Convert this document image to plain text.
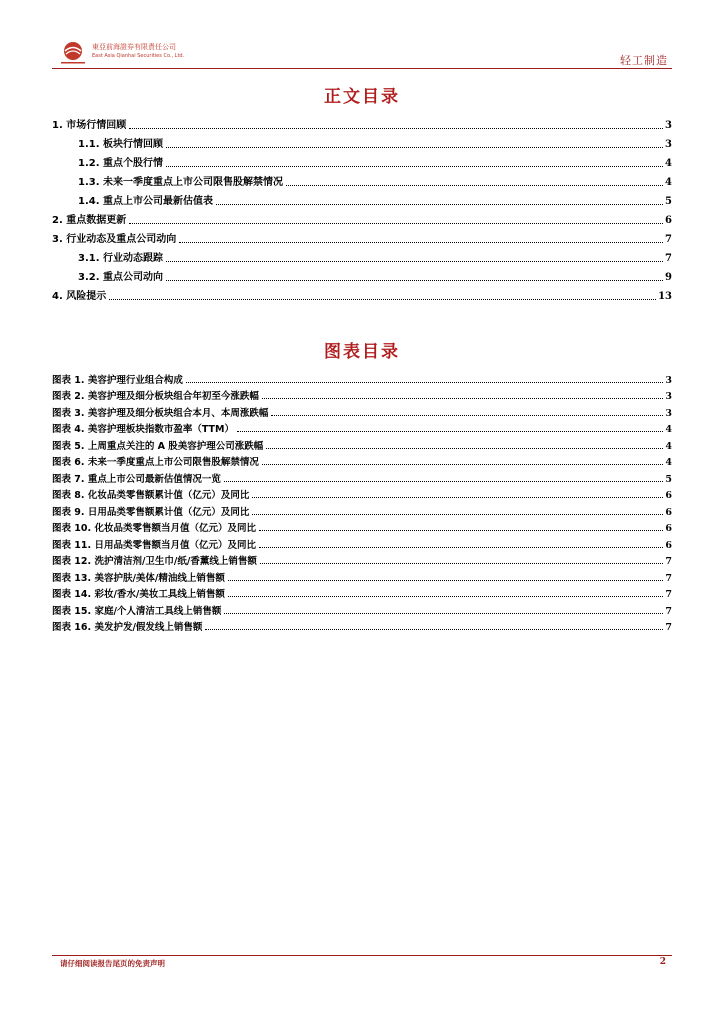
東亞前海證券有限責任公司
East Asia Qianhai Securities Co., Ltd.	轻工制造
正文目录
1. 市场行情回顾	3
1.1. 板块行情回顾	3
1.2. 重点个股行情	4
1.3. 未来一季度重点上市公司限售股解禁情况	4
1.4. 重点上市公司最新估值表	5
2. 重点数据更新	6
3. 行业动态及重点公司动向	7
3.1. 行业动态跟踪	7
3.2. 重点公司动向	9
4. 风险提示	13
图表目录
图表 1. 美容护理行业组合构成	3
图表 2. 美容护理及细分板块组合年初至今涨跌幅	3
图表 3. 美容护理及细分板块组合本月、本周涨跌幅	3
图表 4. 美容护理板块指数市盈率（TTM）	4
图表 5. 上周重点关注的 A 股美容护理公司涨跌幅	4
图表 6. 未来一季度重点上市公司限售股解禁情况	4
图表 7. 重点上市公司最新估值情况一览	5
图表 8. 化妆品类零售额累计值（亿元）及同比	6
图表 9. 日用品类零售额累计值（亿元）及同比	6
图表 10. 化妆品类零售额当月值（亿元）及同比	6
图表 11. 日用品类零售额当月值（亿元）及同比	6
图表 12. 洗护清洁剂/卫生巾/纸/香薰线上销售额	7
图表 13. 美容护肤/美体/精油线上销售额	7
图表 14. 彩妆/香水/美妆工具线上销售额	7
图表 15. 家庭/个人清洁工具线上销售额	7
图表 16. 美发护发/假发线上销售额	7
请仔细阅读报告尾页的免责声明	2
